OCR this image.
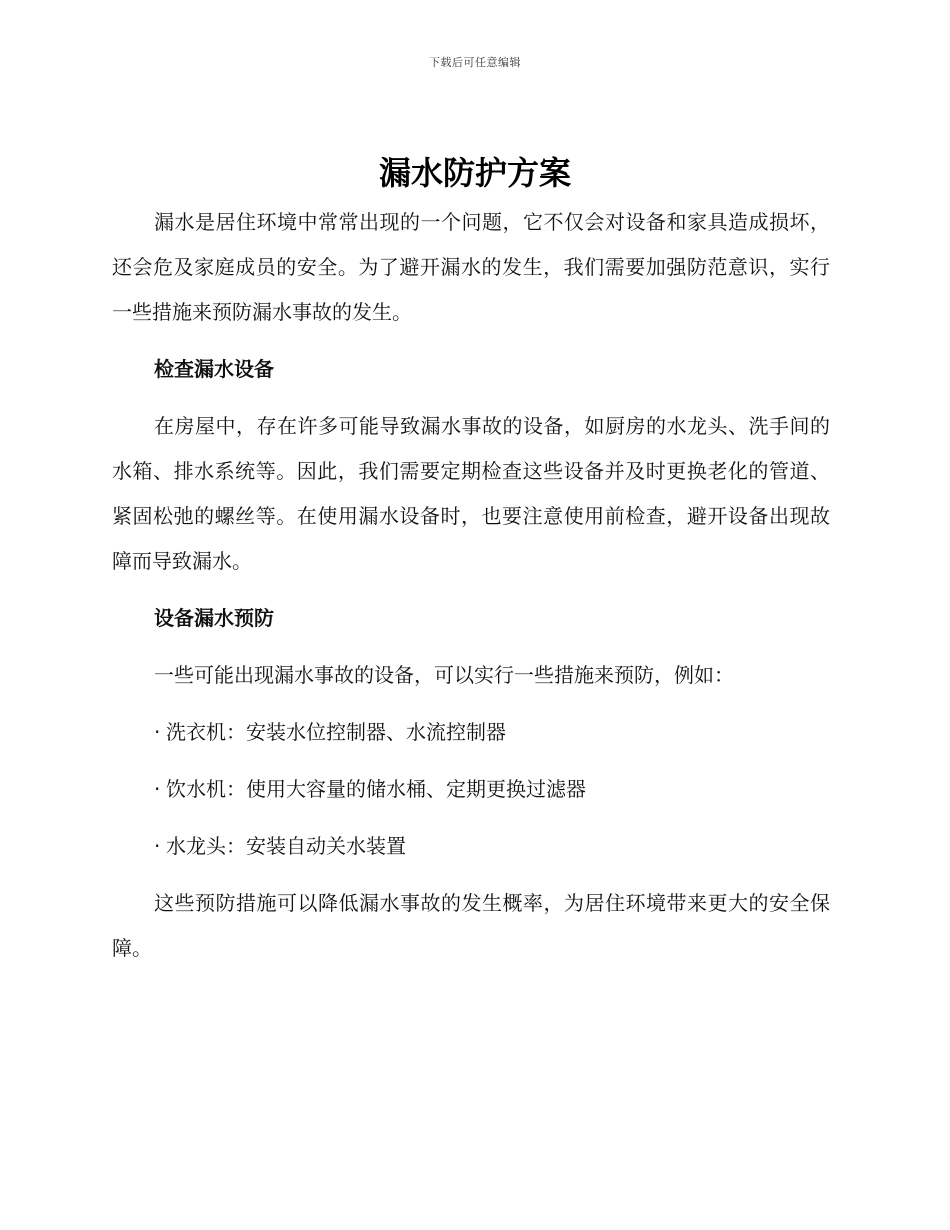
下载后可任意编辑
漏水防护方案

漏水是居住环境中常常出现的一个问题，它不仅会对设备和家具造成损坏，还会危及家庭成员的安全。为了避开漏水的发生，我们需要加强防范意识，实行一些措施来预防漏水事故的发生。

检查漏水设备

在房屋中，存在许多可能导致漏水事故的设备，如厨房的水龙头、洗手间的水箱、排水系统等。因此，我们需要定期检查这些设备并及时更换老化的管道、紧固松弛的螺丝等。在使用漏水设备时，也要注意使用前检查，避开设备出现故障而导致漏水。

设备漏水预防
一些可能出现漏水事故的设备，可以实行一些措施来预防，例如：
· 洗衣机：安装水位控制器、水流控制器
· 饮水机：使用大容量的储水桶、定期更换过滤器
· 水龙头：安装自动关水装置

这些预防措施可以降低漏水事故的发生概率，为居住环境带来更大的安全保障。
